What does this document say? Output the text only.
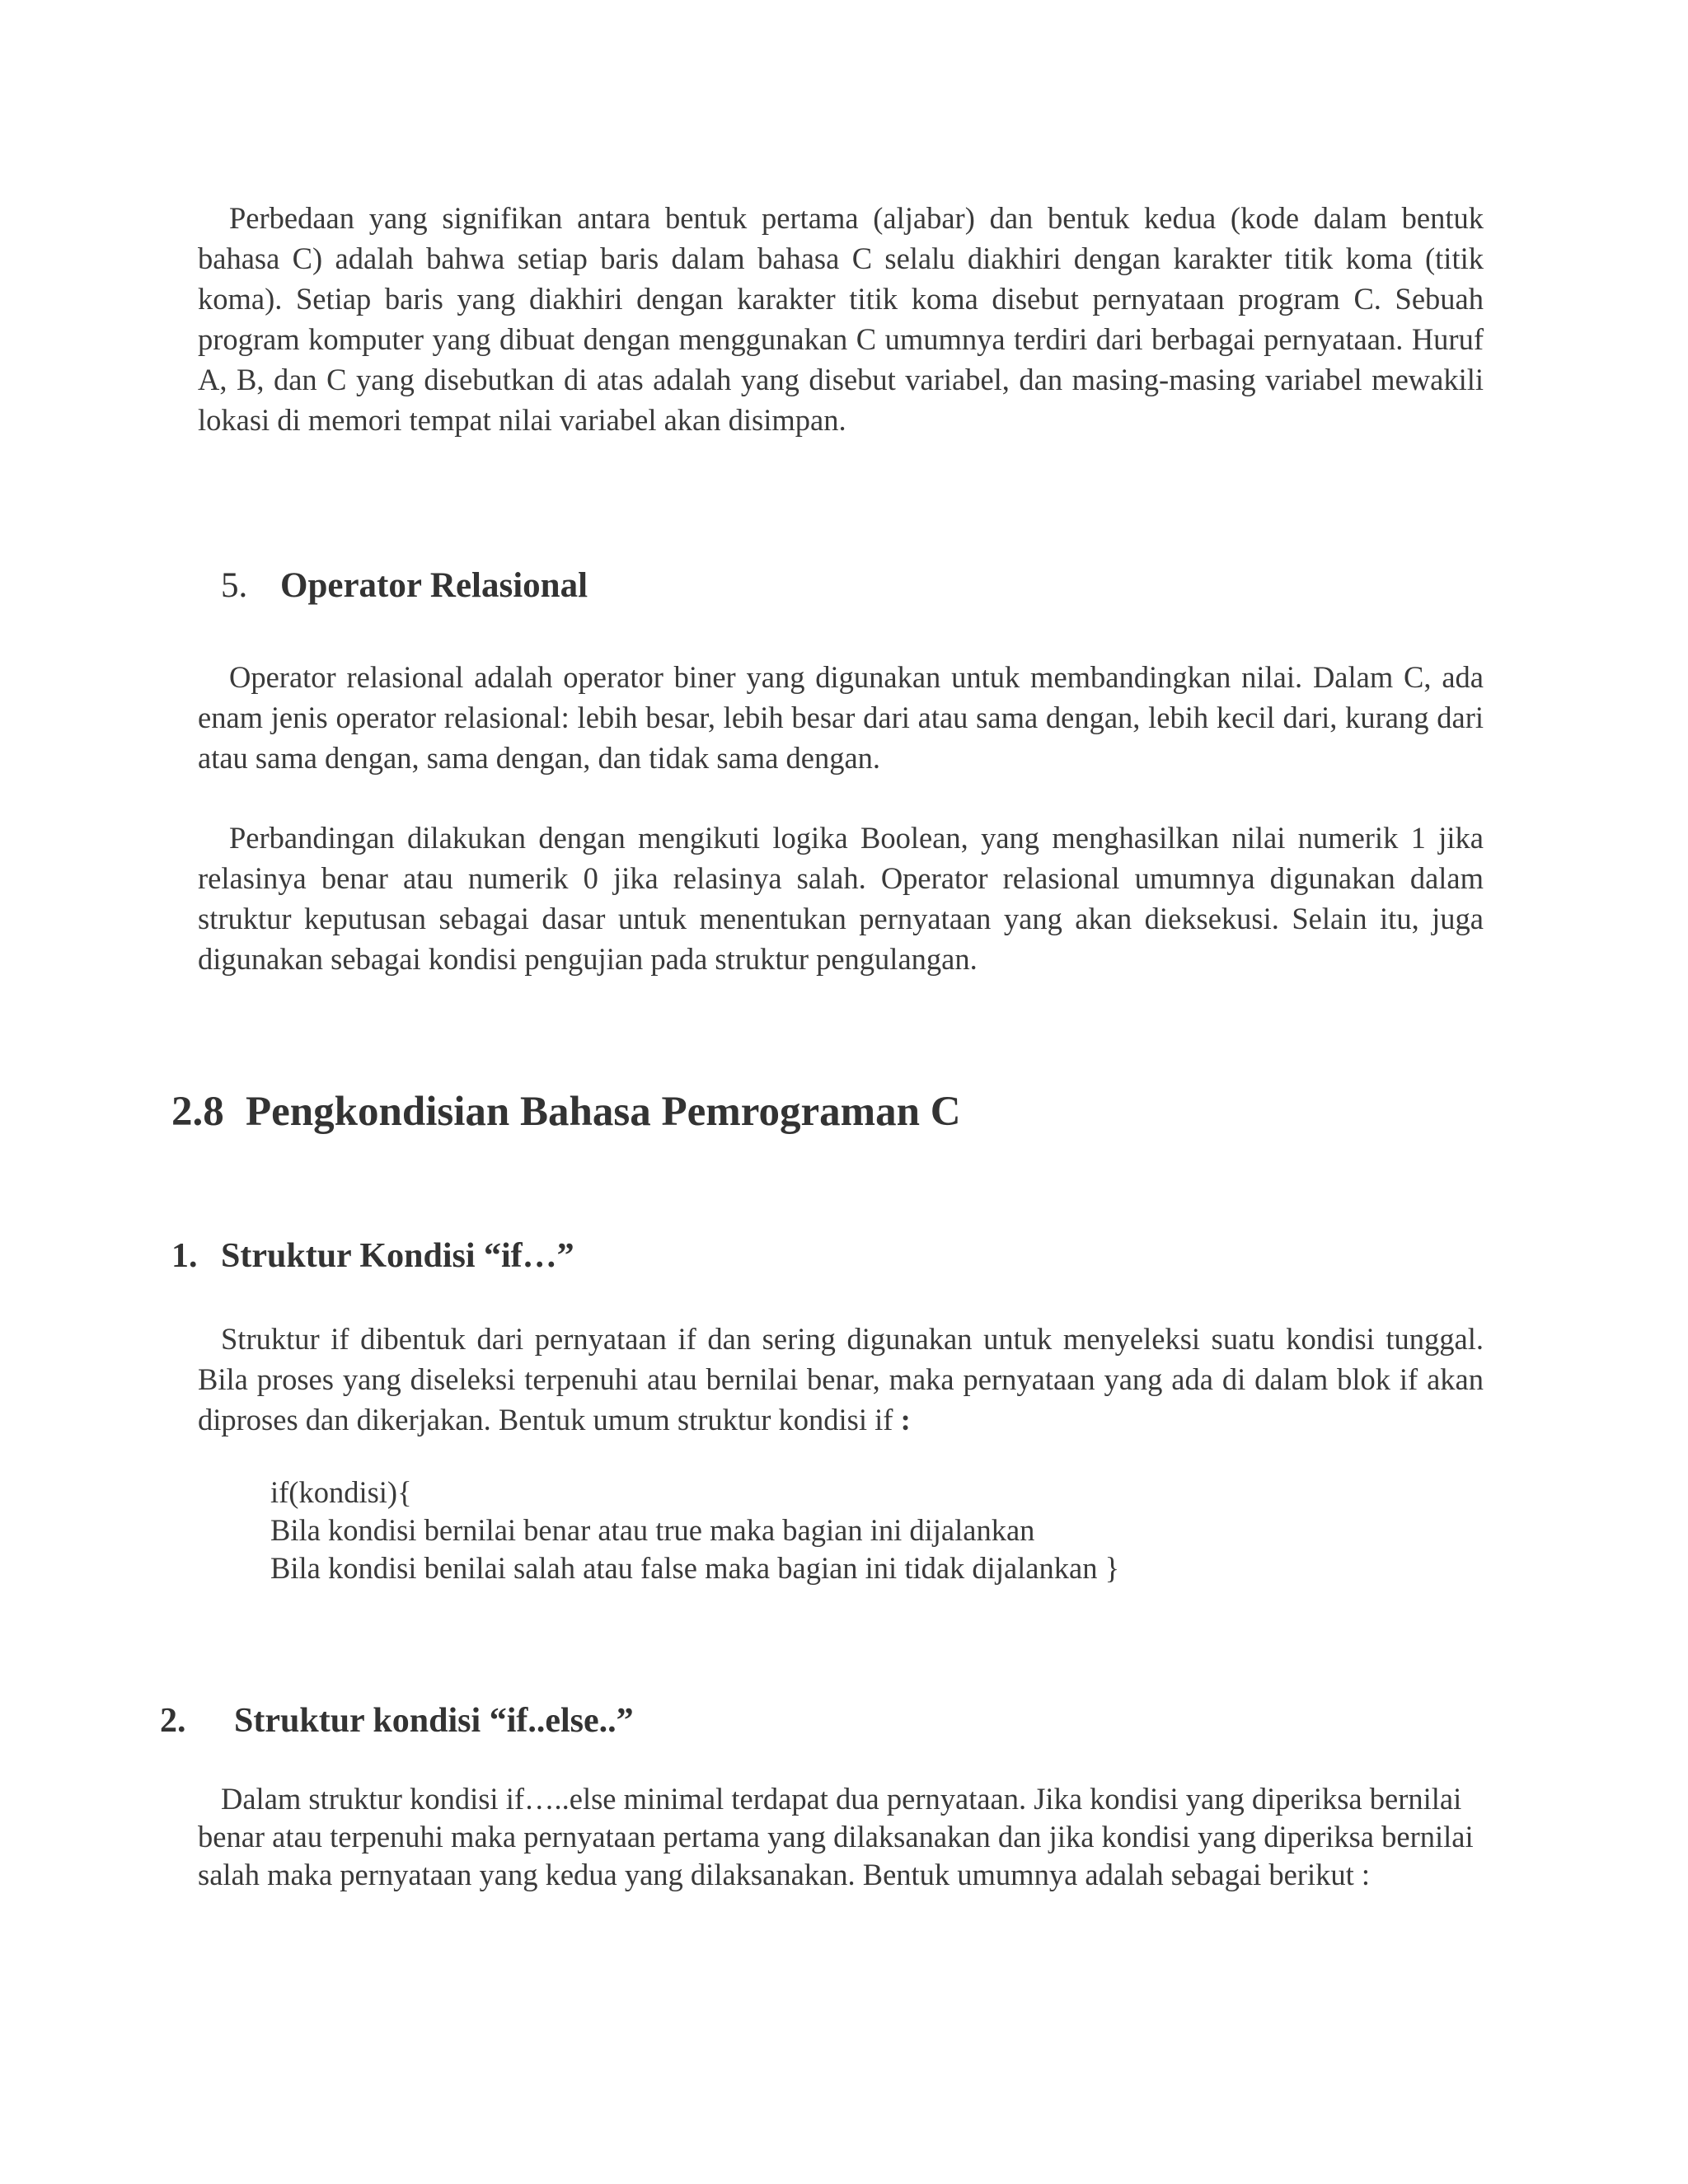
Perbedaan yang signifikan antara bentuk pertama (aljabar) dan bentuk kedua (kode dalam bentuk bahasa C) adalah bahwa setiap baris dalam bahasa C selalu diakhiri dengan karakter titik koma (titik koma). Setiap baris yang diakhiri dengan karakter titik koma disebut pernyataan program C. Sebuah program komputer yang dibuat dengan menggunakan C umumnya terdiri dari berbagai pernyataan. Huruf A, B, dan C yang disebutkan di atas adalah yang disebut variabel, dan masing-masing variabel mewakili lokasi di memori tempat nilai variabel akan disimpan.

5. Operator Relasional

Operator relasional adalah operator biner yang digunakan untuk membandingkan nilai. Dalam C, ada enam jenis operator relasional: lebih besar, lebih besar dari atau sama dengan, lebih kecil dari, kurang dari atau sama dengan, sama dengan, dan tidak sama dengan.

Perbandingan dilakukan dengan mengikuti logika Boolean, yang menghasilkan nilai numerik 1 jika relasinya benar atau numerik 0 jika relasinya salah. Operator relasional umumnya digunakan dalam struktur keputusan sebagai dasar untuk menentukan pernyataan yang akan dieksekusi. Selain itu, juga digunakan sebagai kondisi pengujian pada struktur pengulangan.

2.8 Pengkondisian Bahasa Pemrograman C
1. Struktur Kondisi “if…”

Struktur if dibentuk dari pernyataan if dan sering digunakan untuk menyeleksi suatu kondisi tunggal. Bila proses yang diseleksi terpenuhi atau bernilai benar, maka pernyataan yang ada di dalam blok if akan diproses dan dikerjakan. Bentuk umum struktur kondisi if :

if(kondisi){
Bila kondisi bernilai benar atau true maka bagian ini dijalankan
Bila kondisi benilai salah atau false maka bagian ini tidak dijalankan }
2. Struktur kondisi “if..else..”

Dalam struktur kondisi if…..else minimal terdapat dua pernyataan. Jika kondisi yang diperiksa bernilai benar atau terpenuhi maka pernyataan pertama yang dilaksanakan dan jika kondisi yang diperiksa bernilai salah maka pernyataan yang kedua yang dilaksanakan. Bentuk umumnya adalah sebagai berikut :
